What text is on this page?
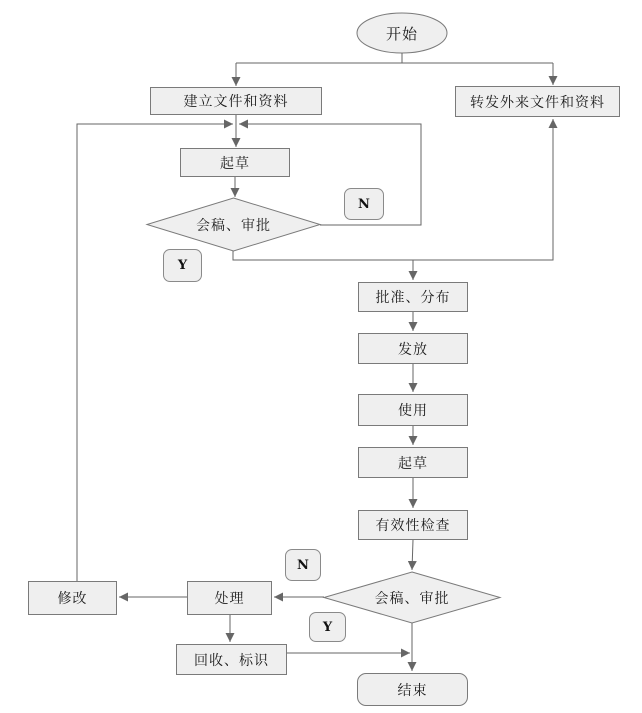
开始
会稿、审批
会稿、审批
建立文件和资料	转发外来文件和资料
起草
批准、分布
发放
使用
起草
有效性检查
修改	处理
回收、标识
结束
N
Y
N
Y
